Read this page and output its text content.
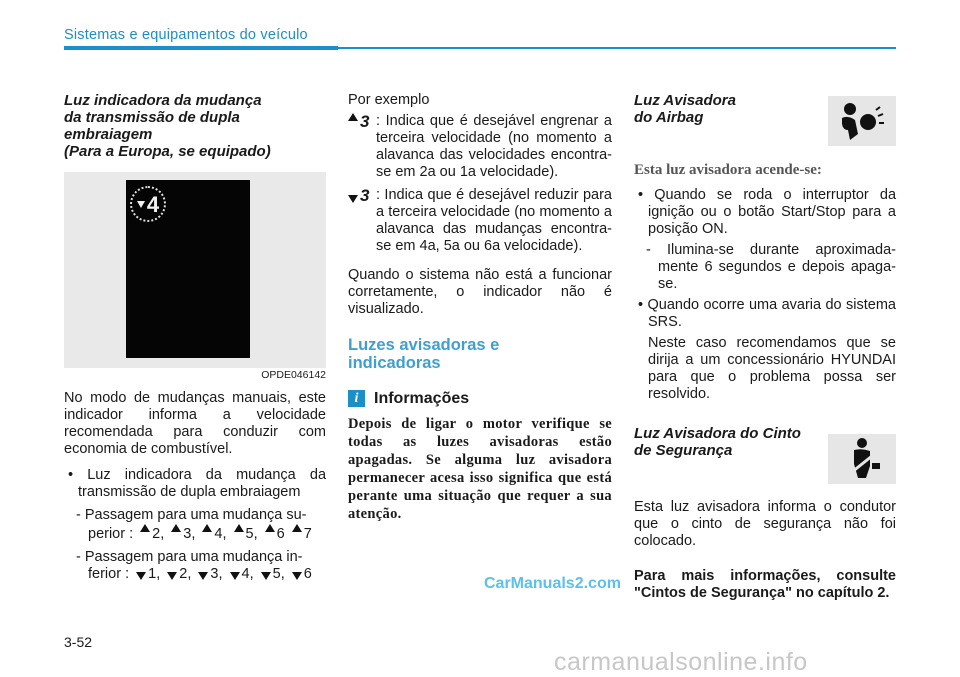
Sistemas e equipamentos do veículo
Luz indicadora da mudança
da transmissão de dupla
embraiagem
(Para a Europa, se equipado)
4
OPDE046142

No modo de mudanças manuais, este indicador informa a velocidade recomendada para conduzir com economia de combustível.

• Luz indicadora da mudança da transmissão de dupla embraiagem
- Passagem para uma mudança su-perior : 2, 3, 4, 5, 6 7
- Passagem para uma mudança in-ferior : 1, 2, 3, 4, 5, 6

Por exemplo

3 : Indica que é desejável engrenar a terceira velocidade (no momento a alavanca das velocidades encontra-se em 2a ou 1a velocidade).
3 : Indica que é desejável reduzir para a terceira velocidade (no momento a alavanca das mudanças encontra-se em 4a, 5a ou 6a velocidade).

Quando o sistema não está a funcionar corretamente, o indicador não é visualizado.

Luzes avisadoras e
indicadoras
i Informações

Depois de ligar o motor verifique se todas as luzes avisadoras estão apagadas. Se alguma luz avisadora permanecer acesa isso significa que está perante uma situação que requer a sua atenção.

CarManuals2.com
Luz Avisadora
do Airbag
Esta luz avisadora acende-se:
• Quando se roda o interruptor da ignição ou o botão Start/Stop para a posição ON.
- Ilumina-se durante aproximada-mente 6 segundos e depois apaga-se.
• Quando ocorre uma avaria do sistema SRS.

Neste caso recomendamos que se dirija a um concessionário HYUNDAI para que o problema possa ser resolvido.

Luz Avisadora do Cinto
de Segurança

Esta luz avisadora informa o condutor que o cinto de segurança não foi colocado.

Para mais informações, consulte "Cintos de Segurança" no capítulo 2.

3-52
carmanualsonline.info
